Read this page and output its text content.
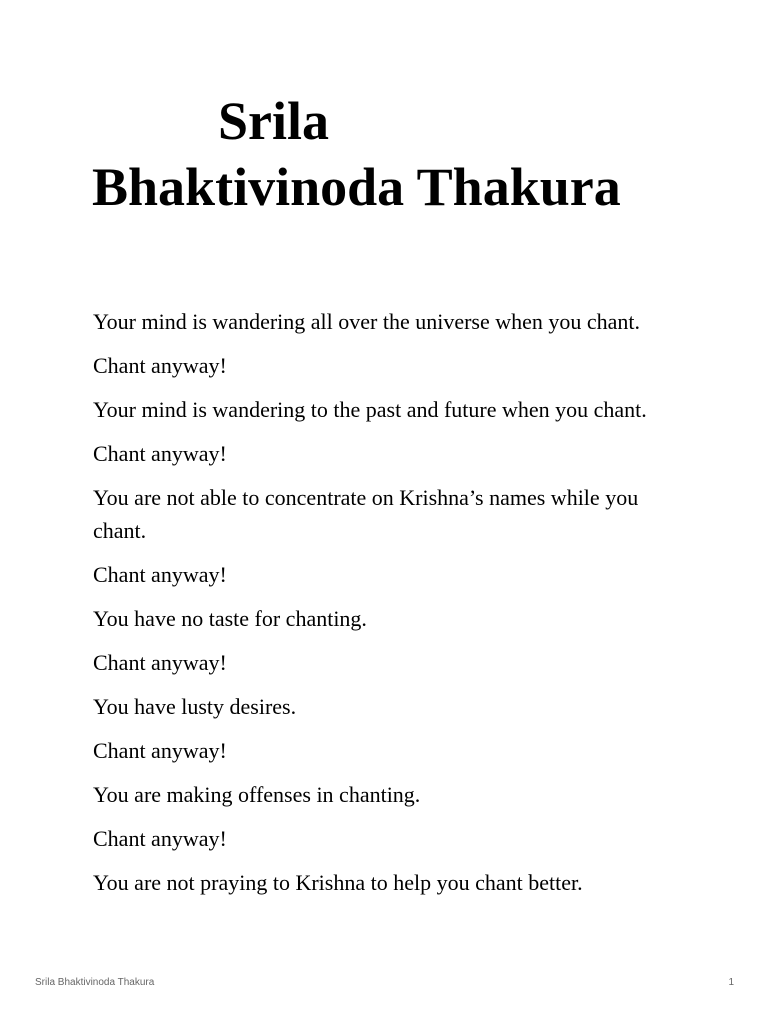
Srila
Bhaktivinoda Thakura

Your mind is wandering all over the universe when you chant.

Chant anyway!

Your mind is wandering to the past and future when you chant.

Chant anyway!

You are not able to concentrate on Krishna’s names while you chant.

Chant anyway!

You have no taste for chanting.

Chant anyway!

You have lusty desires.

Chant anyway!

You are making offenses in chanting.

Chant anyway!

You are not praying to Krishna to help you chant better.

Srila Bhaktivinoda Thakura	1
